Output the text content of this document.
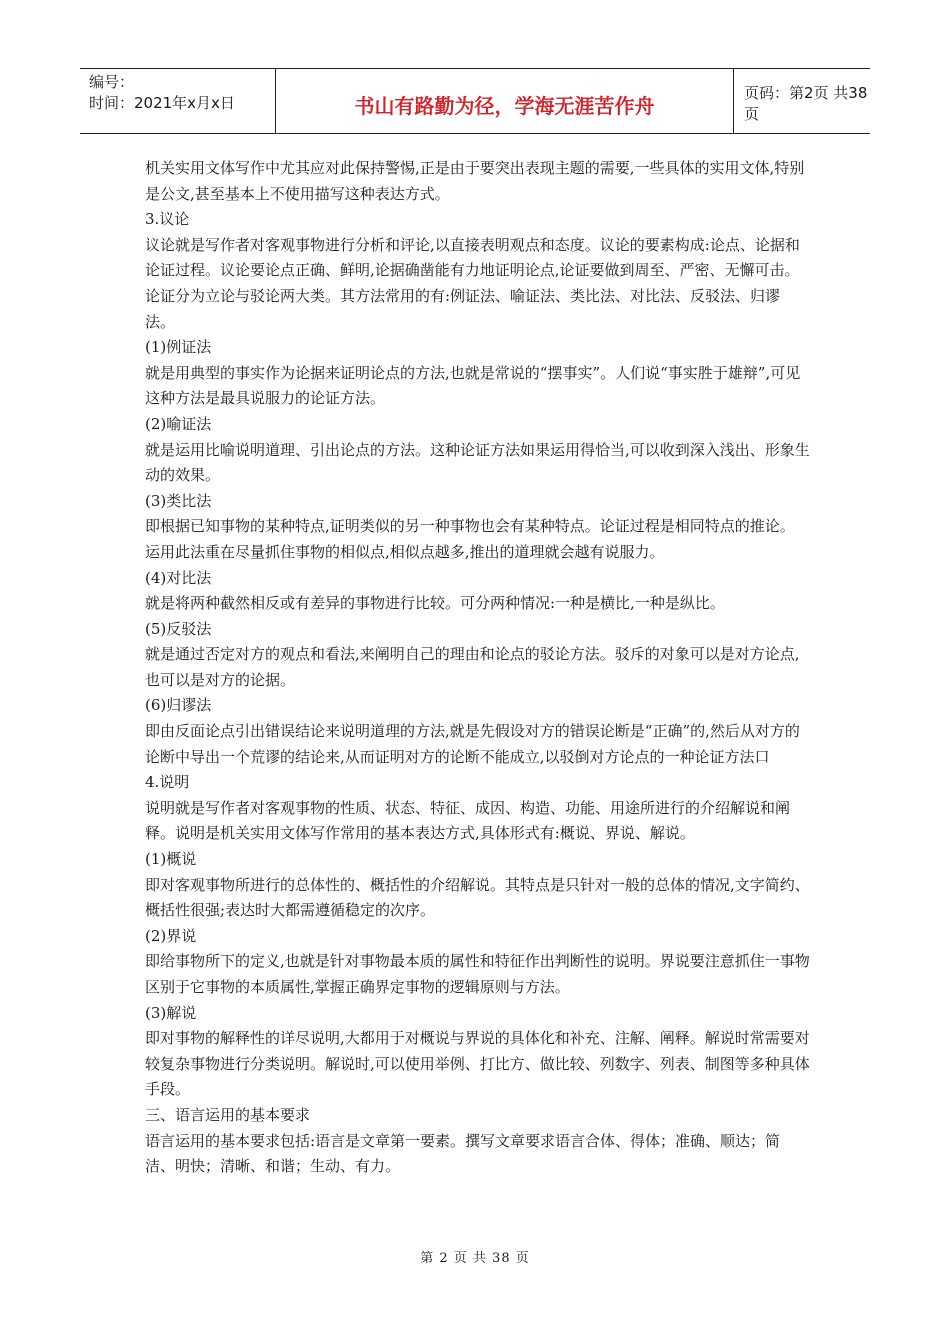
编号：
时间：2021年x月x日	书山有路勤为径，学海无涯苦作舟
页码：第2页 共38页

机关实用文体写作中尤其应对此保持警惕,正是由于要突出表现主题的需要,一些具体的实用文体,特别是公文,甚至基本上不使用描写这种表达方式。

3.议论

议论就是写作者对客观事物进行分析和评论,以直接表明观点和态度。议论的要素构成:论点、论据和论证过程。议论要论点正确、鲜明,论据确凿能有力地证明论点,论证要做到周至、严密、无懈可击。论证分为立论与驳论两大类。其方法常用的有:例证法、喻证法、类比法、对比法、反驳法、归谬法。

(1)例证法

就是用典型的事实作为论据来证明论点的方法,也就是常说的“摆事实”。人们说“事实胜于雄辩”,可见这种方法是最具说服力的论证方法。

(2)喻证法

就是运用比喻说明道理、引出论点的方法。这种论证方法如果运用得恰当,可以收到深入浅出、形象生动的效果。

(3)类比法

即根据已知事物的某种特点,证明类似的另一种事物也会有某种特点。论证过程是相同特点的推论。

运用此法重在尽量抓住事物的相似点,相似点越多,推出的道理就会越有说服力。

(4)对比法

就是将两种截然相反或有差异的事物进行比较。可分两种情况:一种是横比,一种是纵比。

(5)反驳法

就是通过否定对方的观点和看法,来阐明自己的理由和论点的驳论方法。驳斥的对象可以是对方论点,也可以是对方的论据。

(6)归谬法

即由反面论点引出错误结论来说明道理的方法,就是先假设对方的错误论断是“正确”的,然后从对方的论断中导出一个荒谬的结论来,从而证明对方的论断不能成立,以驳倒对方论点的一种论证方法口

4.说明

说明就是写作者对客观事物的性质、状态、特征、成因、构造、功能、用途所进行的介绍解说和阐释。说明是机关实用文体写作常用的基本表达方式,具体形式有:概说、界说、解说。

(1)概说

即对客观事物所进行的总体性的、概括性的介绍解说。其特点是只针对一般的总体的情况,文字简约、概括性很强;表达时大都需遵循稳定的次序。

(2)界说

即给事物所下的定义,也就是针对事物最本质的属性和特征作出判断性的说明。界说要注意抓住一事物区别于它事物的本质属性,掌握正确界定事物的逻辑原则与方法。

(3)解说

即对事物的解释性的详尽说明,大都用于对概说与界说的具体化和补充、注解、阐释。解说时常需要对较复杂事物进行分类说明。解说时,可以使用举例、打比方、做比较、列数字、列表、制图等多种具体手段。

三、语言运用的基本要求

语言运用的基本要求包括:语言是文章第一要素。撰写文章要求语言合体、得体；准确、顺达；简洁、明快；清晰、和谐；生动、有力。

第 2 页 共 38 页
